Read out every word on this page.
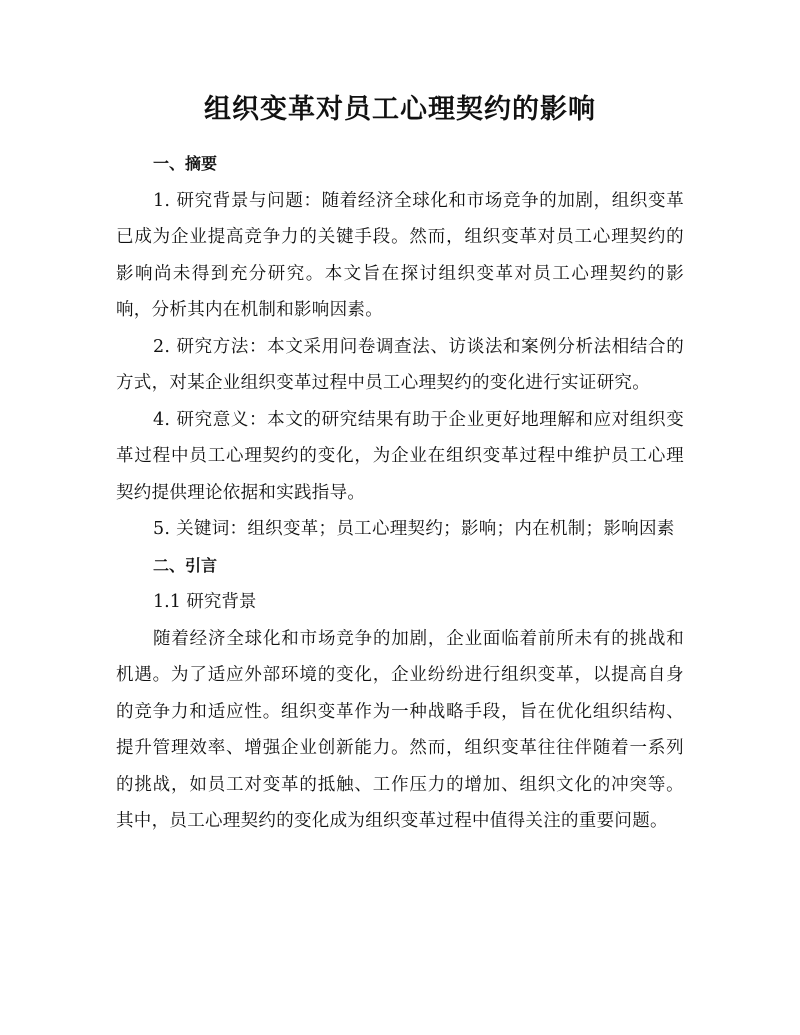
组织变革对员工心理契约的影响
一、摘要

1. 研究背景与问题：随着经济全球化和市场竞争的加剧，组织变革已成为企业提高竞争力的关键手段。然而，组织变革对员工心理契约的影响尚未得到充分研究。本文旨在探讨组织变革对员工心理契约的影响，分析其内在机制和影响因素。

2. 研究方法：本文采用问卷调查法、访谈法和案例分析法相结合的方式，对某企业组织变革过程中员工心理契约的变化进行实证研究。

4. 研究意义：本文的研究结果有助于企业更好地理解和应对组织变革过程中员工心理契约的变化，为企业在组织变革过程中维护员工心理契约提供理论依据和实践指导。

5. 关键词：组织变革；员工心理契约；影响；内在机制；影响因素

二、引言

1.1 研究背景

随着经济全球化和市场竞争的加剧，企业面临着前所未有的挑战和机遇。为了适应外部环境的变化，企业纷纷进行组织变革，以提高自身的竞争力和适应性。组织变革作为一种战略手段，旨在优化组织结构、提升管理效率、增强企业创新能力。然而，组织变革往往伴随着一系列的挑战，如员工对变革的抵触、工作压力的增加、组织文化的冲突等。其中，员工心理契约的变化成为组织变革过程中值得关注的重要问题。
